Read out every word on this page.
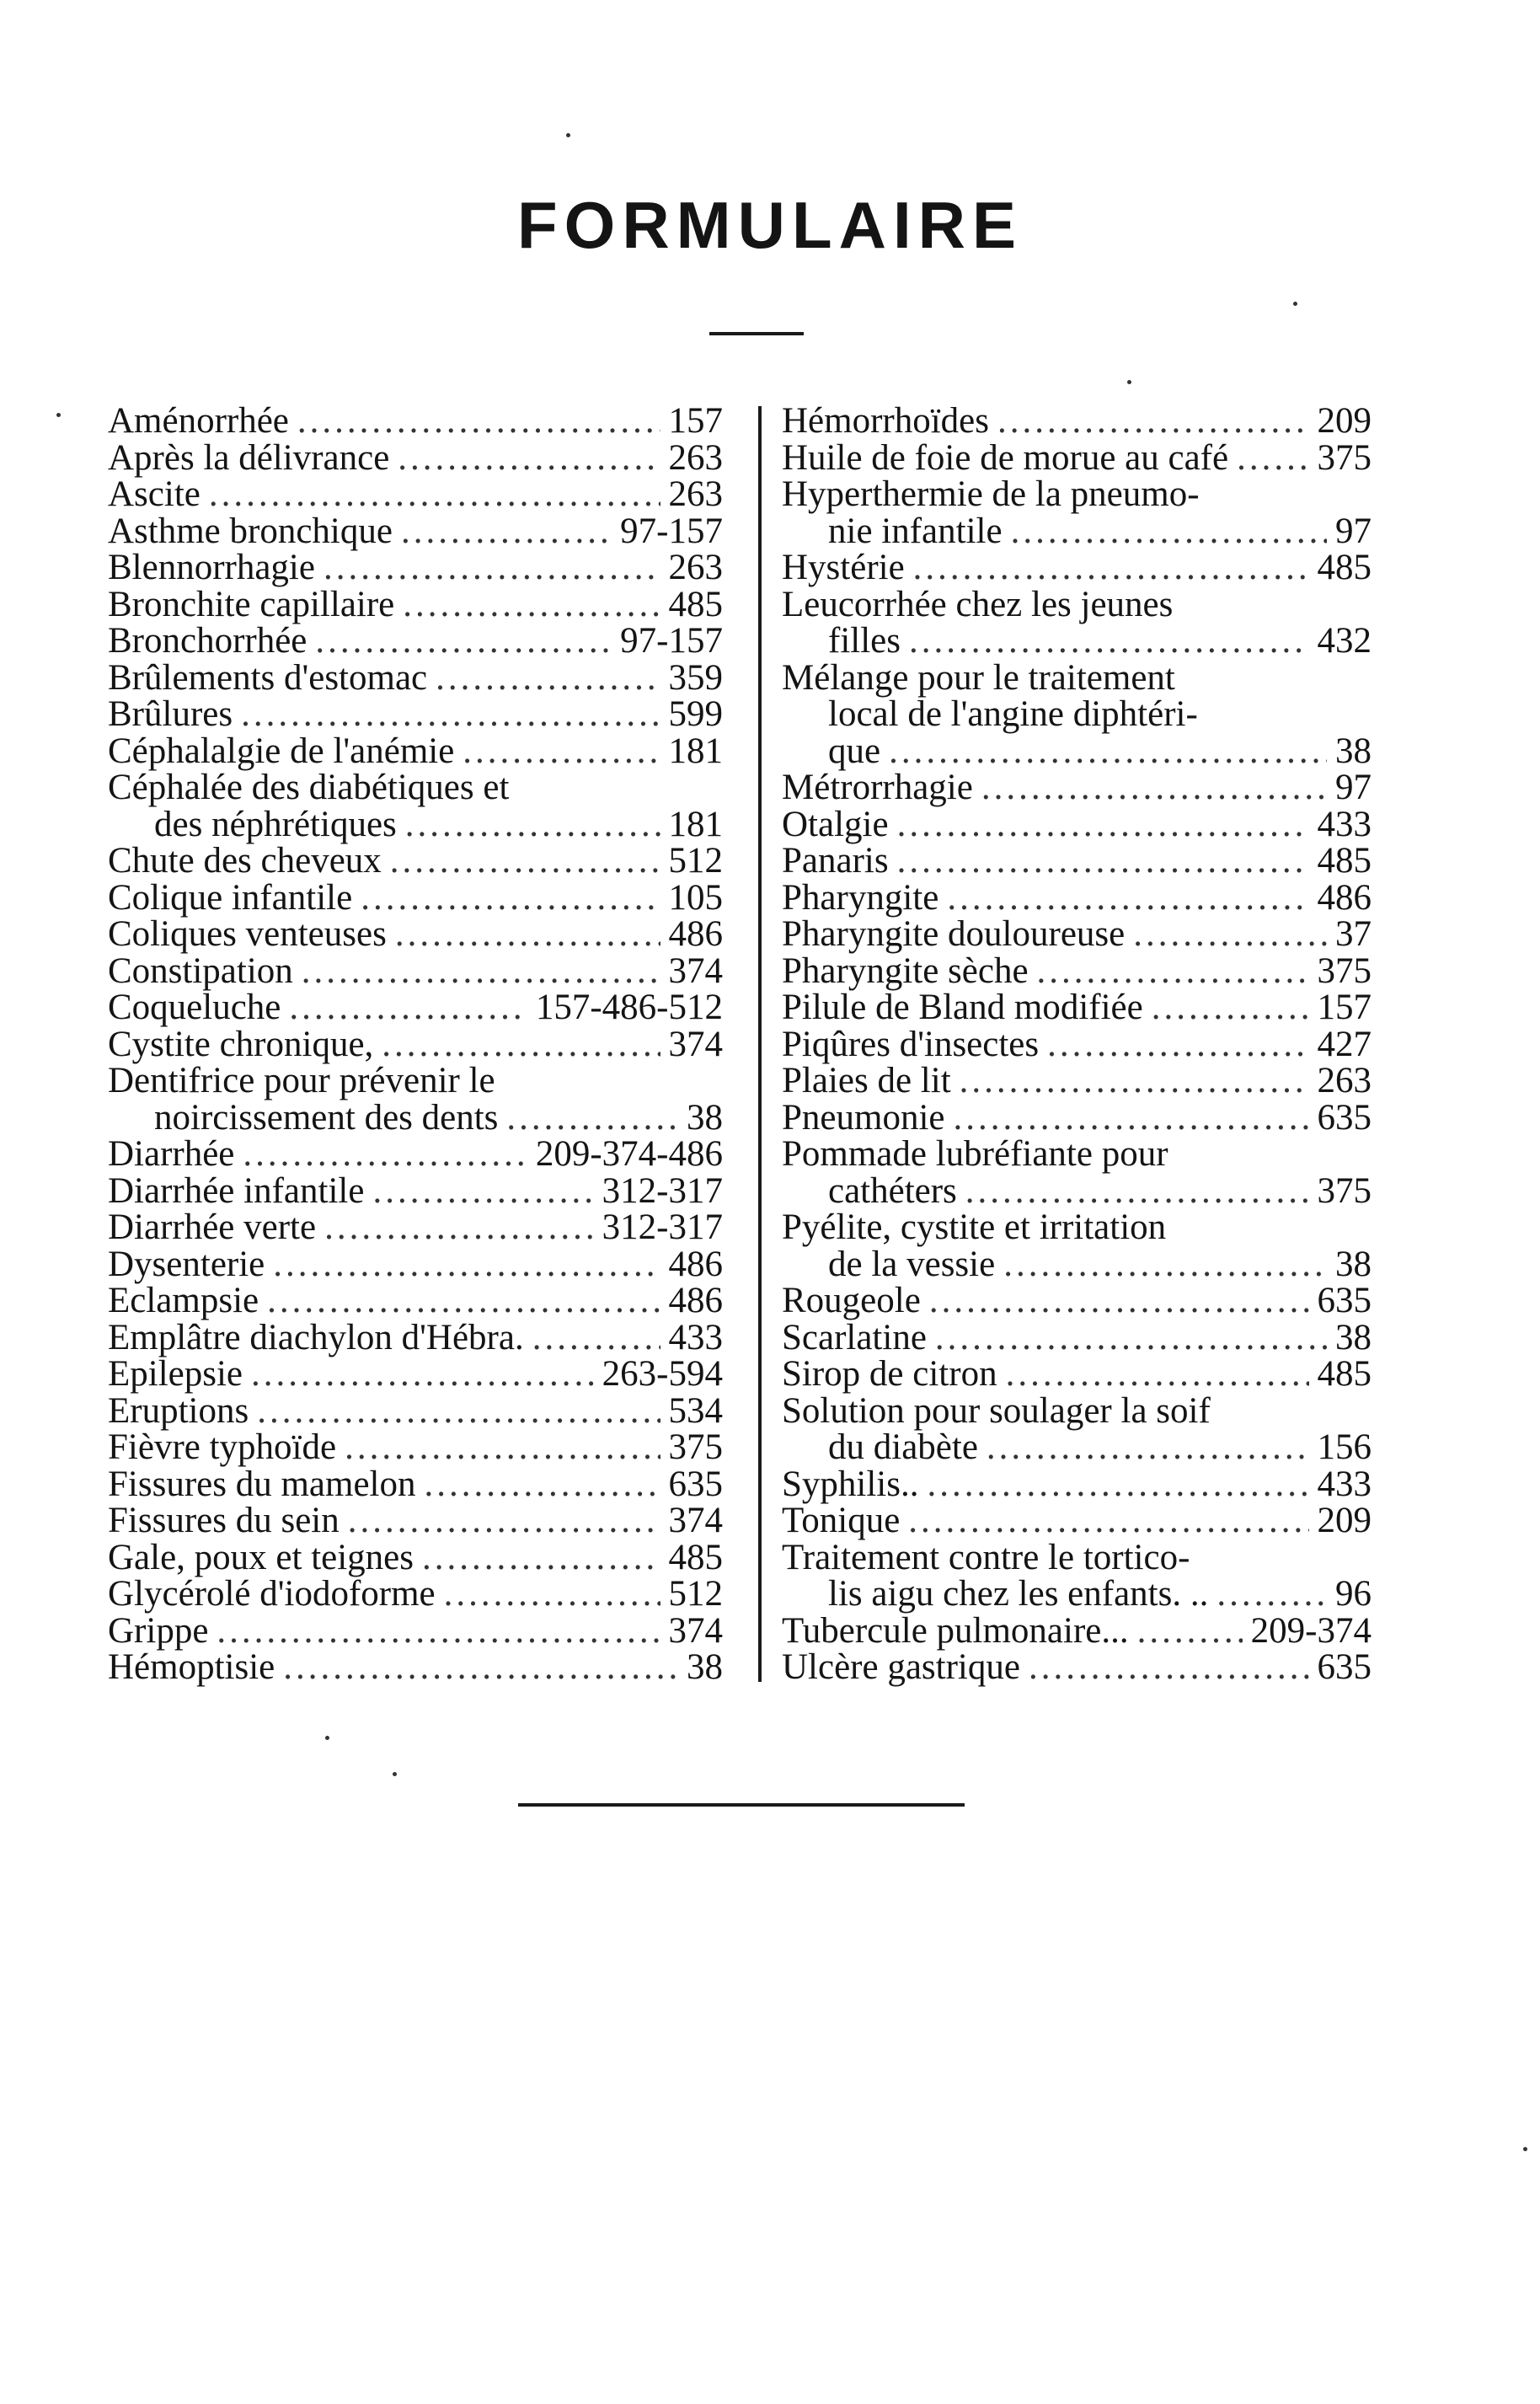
FORMULAIRE
Aménorrhée .....	157
Après la délivrance .....	263
Ascite .....	263
Asthme bronchique .....	97-157
Blennorrhagie .....	263
Bronchite capillaire .....	485
Bronchorrhée .....	97-157
Brûlements d'estomac .....	359
Brûlures .....	599
Céphalalgie de l'anémie .....	181
Céphalée des diabétiques et
des néphrétiques .....	181
Chute des cheveux .....	512
Colique infantile .....	105
Coliques venteuses .....	486
Constipation .....	374
Coqueluche .....	157-486-512
Cystite chronique, .....	374
Dentifrice pour prévenir le
noircissement des dents .....	38
Diarrhée .....	209-374-486
Diarrhée infantile .....	312-317
Diarrhée verte .....	312-317
Dysenterie .....	486
Eclampsie .....	486
Emplâtre diachylon d'Hébra. .....	433
Epilepsie .....	263-594
Eruptions .....	534
Fièvre typhoïde .....	375
Fissures du mamelon .....	635
Fissures du sein .....	374
Gale, poux et teignes .....	485
Glycérolé d'iodoforme .....	512
Grippe .....	374
Hémoptisie .....	38
Hémorrhoïdes .....	209
Huile de foie de morue au café ..... 375
Hyperthermie de la pneumo-
nie infantile .....	97
Hystérie .....	485
Leucorrhée chez les jeunes
filles .....	432
Mélange pour le traitement
local de l'angine diphtéri-
que .....	38
Métrorrhagie .....	97
Otalgie .....	433
Panaris .....	485
Pharyngite .....	486
Pharyngite douloureuse .....	37
Pharyngite sèche .....	375
Pilule de Bland modifiée .....	157
Piqûres d'insectes .....	427
Plaies de lit .....	263
Pneumonie .....	635
Pommade lubréfiante pour
cathéters .....	375
Pyélite, cystite et irritation
de la vessie .....	38
Rougeole .....	635
Scarlatine .....	38
Sirop de citron .....	485
Solution pour soulager la soif
du diabète .....	156
Syphilis.. .....	433
Tonique .....	209
Traitement contre le tortico-
lis aigu chez les enfants. .. .....	96
Tubercule pulmonaire... .....	209-374
Ulcère gastrique .....	635
